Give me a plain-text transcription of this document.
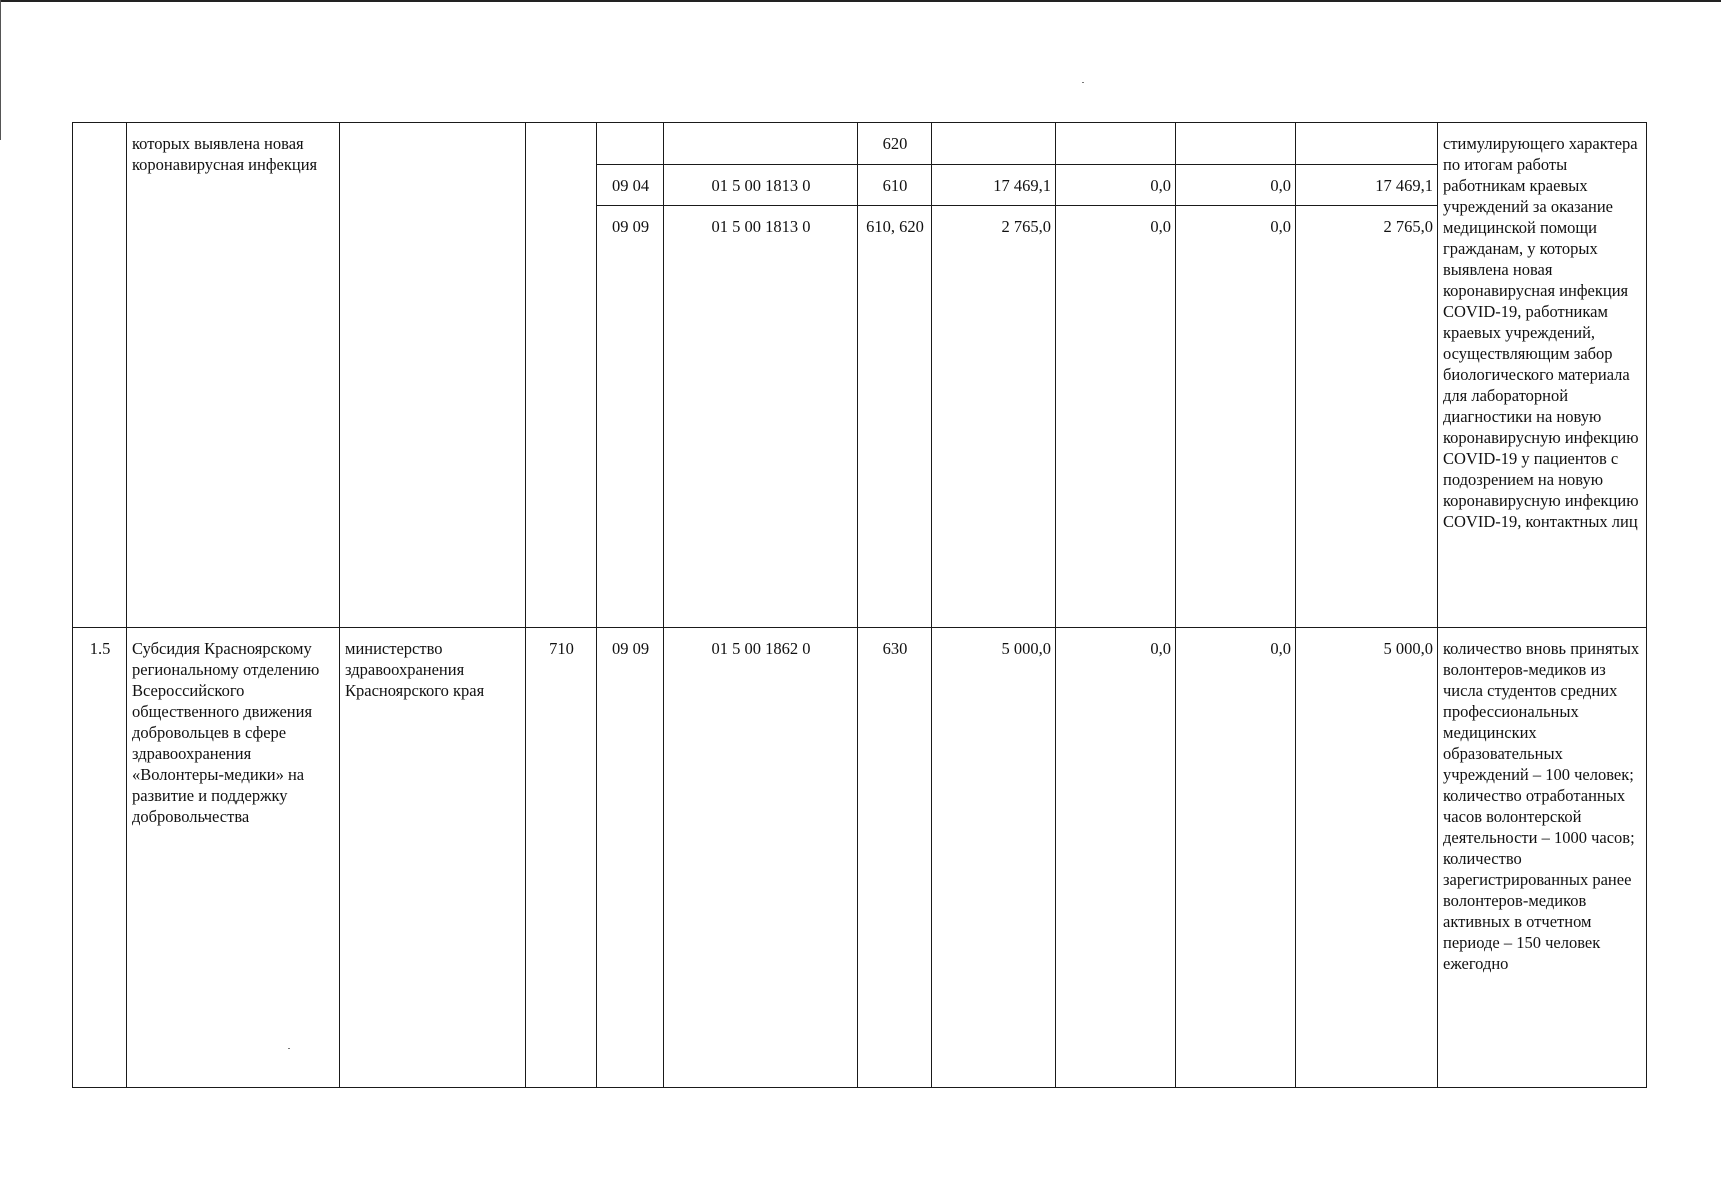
	которых выявлена новая коронавирусная инфекция					620					стимулирующего характера по итогам работы работникам краевых учреждений за оказание медицинской помощи гражданам, у которых выявлена новая коронавирусная инфекция COVID-19, работникам краевых учреждений, осуществляющим забор биологического материала для лабораторной диагностики на новую коронавирусную инфекцию COVID-19 у пациентов с подозрением на новую коронавирусную инфекцию COVID-19, контактных лиц
				09 04	01 5 00 1813 0	610	17 469,1	0,0	0,0	17 469,1	
				09 09	01 5 00 1813 0	610, 620	2 765,0	0,0	0,0	2 765,0	
1.5	Субсидия Красноярскому региональному отделению Всероссийского общественного движения добровольцев в сфере здравоохранения «Волонтеры-медики» на развитие и поддержку добровольчества	министерство здравоохранения Красноярского края	710	09 09	01 5 00 1862 0	630	5 000,0	0,0	0,0	5 000,0	количество вновь принятых волонтеров-медиков из числа студентов средних профессиональных медицинских образовательных учреждений – 100 человек; количество отработанных часов волонтерской деятельности – 1000 часов; количество зарегистрированных ранее волонтеров-медиков активных в отчетном периоде – 150 человек ежегодно
